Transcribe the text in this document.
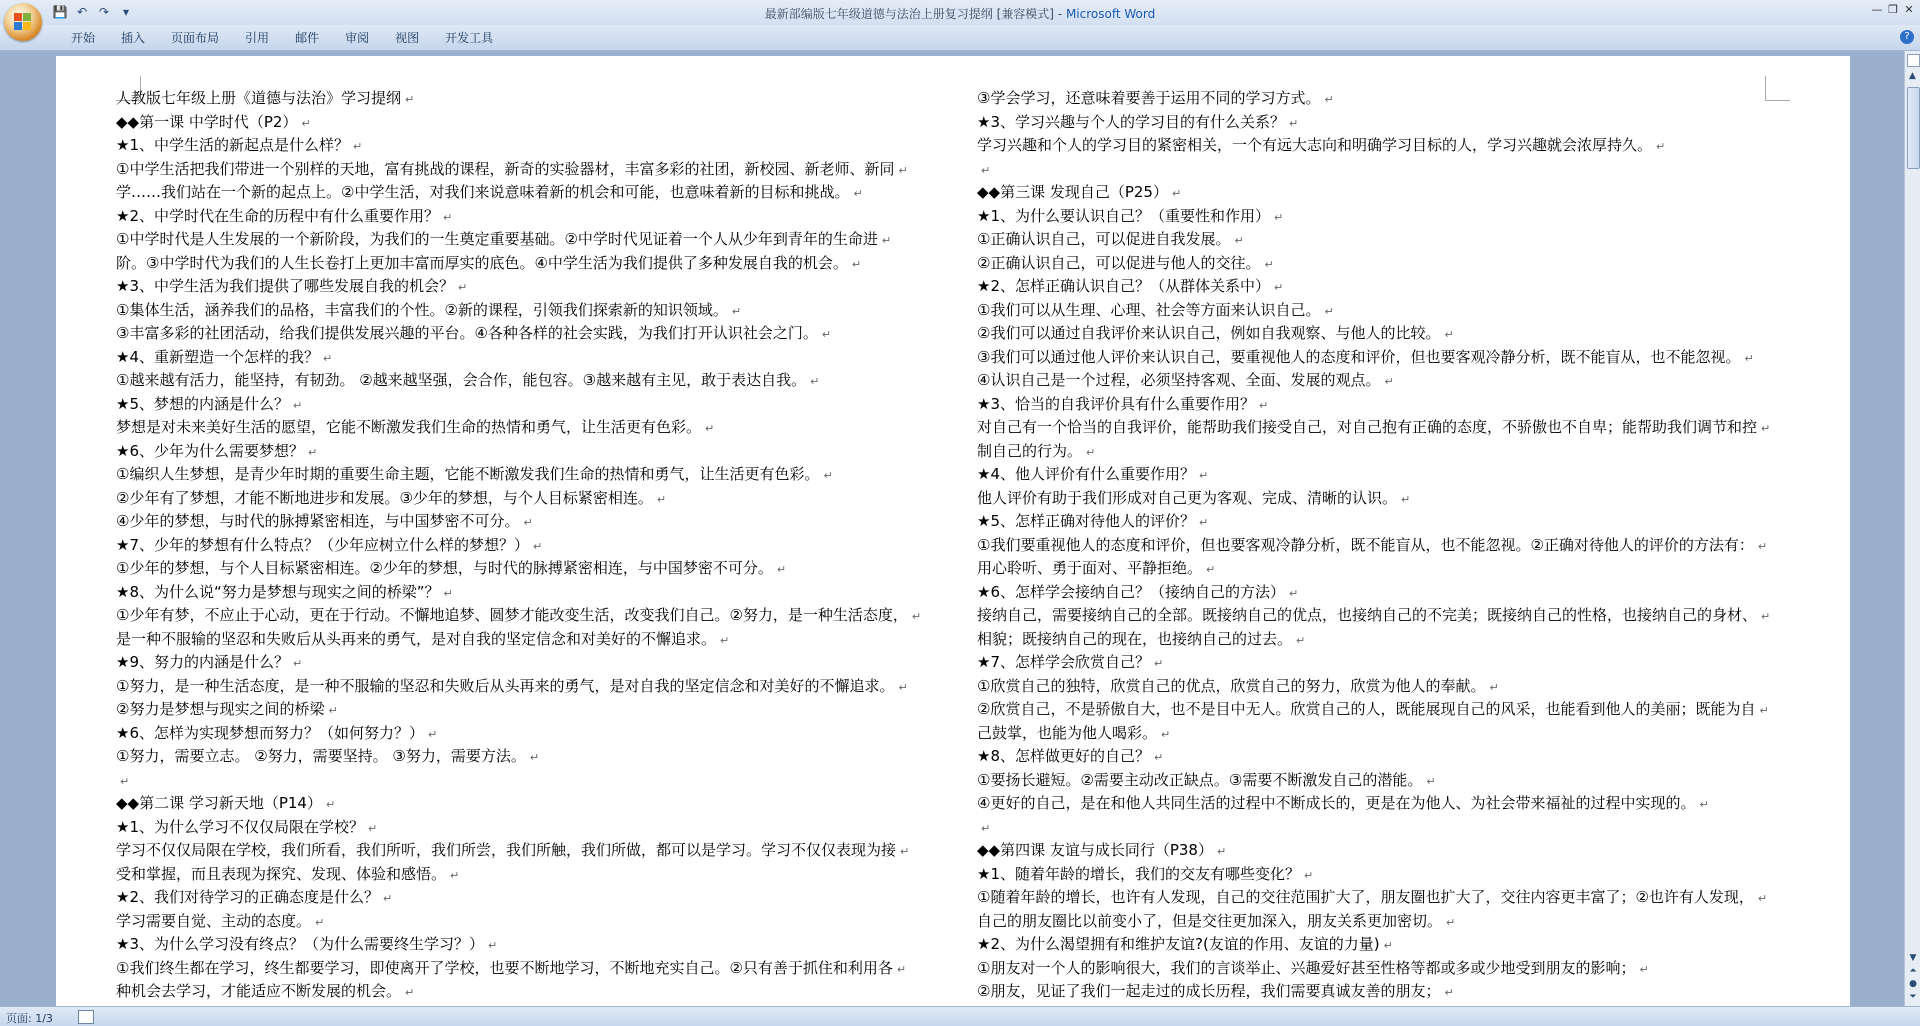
💾 ↶ ↷	▾	最新部编版七年级道德与法治上册复习提纲 [兼容模式] - Microsoft Word	— ❐ ✕
开始	插入	页面布局	引用	邮件	审阅	视图	开发工具	?
人教版七年级上册《道德与法治》学习提纲 ↵
◆◆第一课 中学时代（P2） ↵
★1、中学生活的新起点是什么样？ ↵
①中学生活把我们带进一个别样的天地，富有挑战的课程，新奇的实验器材，丰富多彩的社团，新校园、新老师、新同 ↵
学……我们站在一个新的起点上。②中学生活，对我们来说意味着新的机会和可能，也意味着新的目标和挑战。 ↵
★2、中学时代在生命的历程中有什么重要作用？ ↵
①中学时代是人生发展的一个新阶段，为我们的一生奠定重要基础。②中学时代见证着一个人从少年到青年的生命进 ↵
阶。③中学时代为我们的人生长卷打上更加丰富而厚实的底色。④中学生活为我们提供了多种发展自我的机会。 ↵
★3、中学生活为我们提供了哪些发展自我的机会？ ↵
①集体生活，涵养我们的品格，丰富我们的个性。②新的课程，引领我们探索新的知识领域。 ↵
③丰富多彩的社团活动，给我们提供发展兴趣的平台。④各种各样的社会实践，为我们打开认识社会之门。 ↵
★4、重新塑造一个怎样的我？ ↵
①越来越有活力，能坚持，有韧劲。 ②越来越坚强，会合作，能包容。③越来越有主见，敢于表达自我。 ↵
★5、梦想的内涵是什么？ ↵
梦想是对未来美好生活的愿望，它能不断激发我们生命的热情和勇气，让生活更有色彩。 ↵
★6、少年为什么需要梦想？ ↵
①编织人生梦想，是青少年时期的重要生命主题，它能不断激发我们生命的热情和勇气，让生活更有色彩。 ↵
②少年有了梦想，才能不断地进步和发展。③少年的梦想，与个人目标紧密相连。 ↵
④少年的梦想，与时代的脉搏紧密相连，与中国梦密不可分。 ↵
★7、少年的梦想有什么特点？（少年应树立什么样的梦想？） ↵
①少年的梦想，与个人目标紧密相连。②少年的梦想，与时代的脉搏紧密相连，与中国梦密不可分。 ↵
★8、为什么说“努力是梦想与现实之间的桥梁”？ ↵
①少年有梦，不应止于心动，更在于行动。不懈地追梦、圆梦才能改变生活，改变我们自己。②努力，是一种生活态度， ↵
是一种不服输的坚忍和失败后从头再来的勇气，是对自我的坚定信念和对美好的不懈追求。 ↵
★9、努力的内涵是什么？ ↵
①努力，是一种生活态度，是一种不服输的坚忍和失败后从头再来的勇气，是对自我的坚定信念和对美好的不懈追求。 ↵
②努力是梦想与现实之间的桥梁 ↵
★6、怎样为实现梦想而努力？（如何努力？） ↵
①努力，需要立志。 ②努力，需要坚持。 ③努力，需要方法。 ↵
↵
◆◆第二课 学习新天地（P14） ↵
★1、为什么学习不仅仅局限在学校？ ↵
学习不仅仅局限在学校，我们所看，我们所听，我们所尝，我们所触，我们所做，都可以是学习。学习不仅仅表现为接 ↵
受和掌握，而且表现为探究、发现、体验和感悟。 ↵
★2、我们对待学习的正确态度是什么？ ↵
学习需要自觉、主动的态度。 ↵
★3、为什么学习没有终点？（为什么需要终生学习？） ↵
①我们终生都在学习，终生都要学习，即使离开了学校，也要不断地学习，不断地充实自己。②只有善于抓住和利用各 ↵
种机会去学习，才能适应不断发展的机会。 ↵
③学会学习，还意味着要善于运用不同的学习方式。 ↵
★3、学习兴趣与个人的学习目的有什么关系？ ↵
学习兴趣和个人的学习目的紧密相关，一个有远大志向和明确学习目标的人，学习兴趣就会浓厚持久。 ↵
↵
◆◆第三课 发现自己（P25） ↵
★1、为什么要认识自己？（重要性和作用） ↵
①正确认识自己，可以促进自我发展。 ↵
②正确认识自己，可以促进与他人的交往。 ↵
★2、怎样正确认识自己？（从群体关系中） ↵
①我们可以从生理、心理、社会等方面来认识自己。 ↵
②我们可以通过自我评价来认识自己，例如自我观察、与他人的比较。 ↵
③我们可以通过他人评价来认识自己，要重视他人的态度和评价，但也要客观冷静分析，既不能盲从，也不能忽视。 ↵
④认识自己是一个过程，必须坚持客观、全面、发展的观点。 ↵
★3、恰当的自我评价具有什么重要作用？ ↵
对自己有一个恰当的自我评价，能帮助我们接受自己，对自己抱有正确的态度，不骄傲也不自卑；能帮助我们调节和控 ↵
制自己的行为。 ↵
★4、他人评价有什么重要作用？ ↵
他人评价有助于我们形成对自己更为客观、完成、清晰的认识。 ↵
★5、怎样正确对待他人的评价？ ↵
①我们要重视他人的态度和评价，但也要客观冷静分析，既不能盲从，也不能忽视。②正确对待他人的评价的方法有： ↵
用心聆听、勇于面对、平静拒绝。 ↵
★6、怎样学会接纳自己？（接纳自己的方法） ↵
接纳自己，需要接纳自己的全部。既接纳自己的优点，也接纳自己的不完美；既接纳自己的性格，也接纳自己的身材、 ↵
相貌；既接纳自己的现在，也接纳自己的过去。 ↵
★7、怎样学会欣赏自己？ ↵
①欣赏自己的独特，欣赏自己的优点，欣赏自己的努力，欣赏为他人的奉献。 ↵
②欣赏自己，不是骄傲自大，也不是目中无人。欣赏自己的人，既能展现自己的风采，也能看到他人的美丽；既能为自 ↵
己鼓掌，也能为他人喝彩。 ↵
★8、怎样做更好的自己？ ↵
①要扬长避短。②需要主动改正缺点。③需要不断激发自己的潜能。 ↵
④更好的自己，是在和他人共同生活的过程中不断成长的，更是在为他人、为社会带来福祉的过程中实现的。 ↵
↵
◆◆第四课 友谊与成长同行（P38） ↵
★1、随着年龄的增长，我们的交友有哪些变化？ ↵
①随着年龄的增长，也许有人发现，自己的交往范围扩大了，朋友圈也扩大了，交往内容更丰富了；②也许有人发现， ↵
自己的朋友圈比以前变小了，但是交往更加深入，朋友关系更加密切。 ↵
★2、为什么渴望拥有和维护友谊?(友谊的作用、友谊的力量) ↵
①朋友对一个人的影响很大，我们的言谈举止、兴趣爱好甚至性格等都或多或少地受到朋友的影响； ↵
②朋友，见证了我们一起走过的成长历程，我们需要真诚友善的朋友； ↵
▲
▼
⏶
●
⏷
页面: 1/3
